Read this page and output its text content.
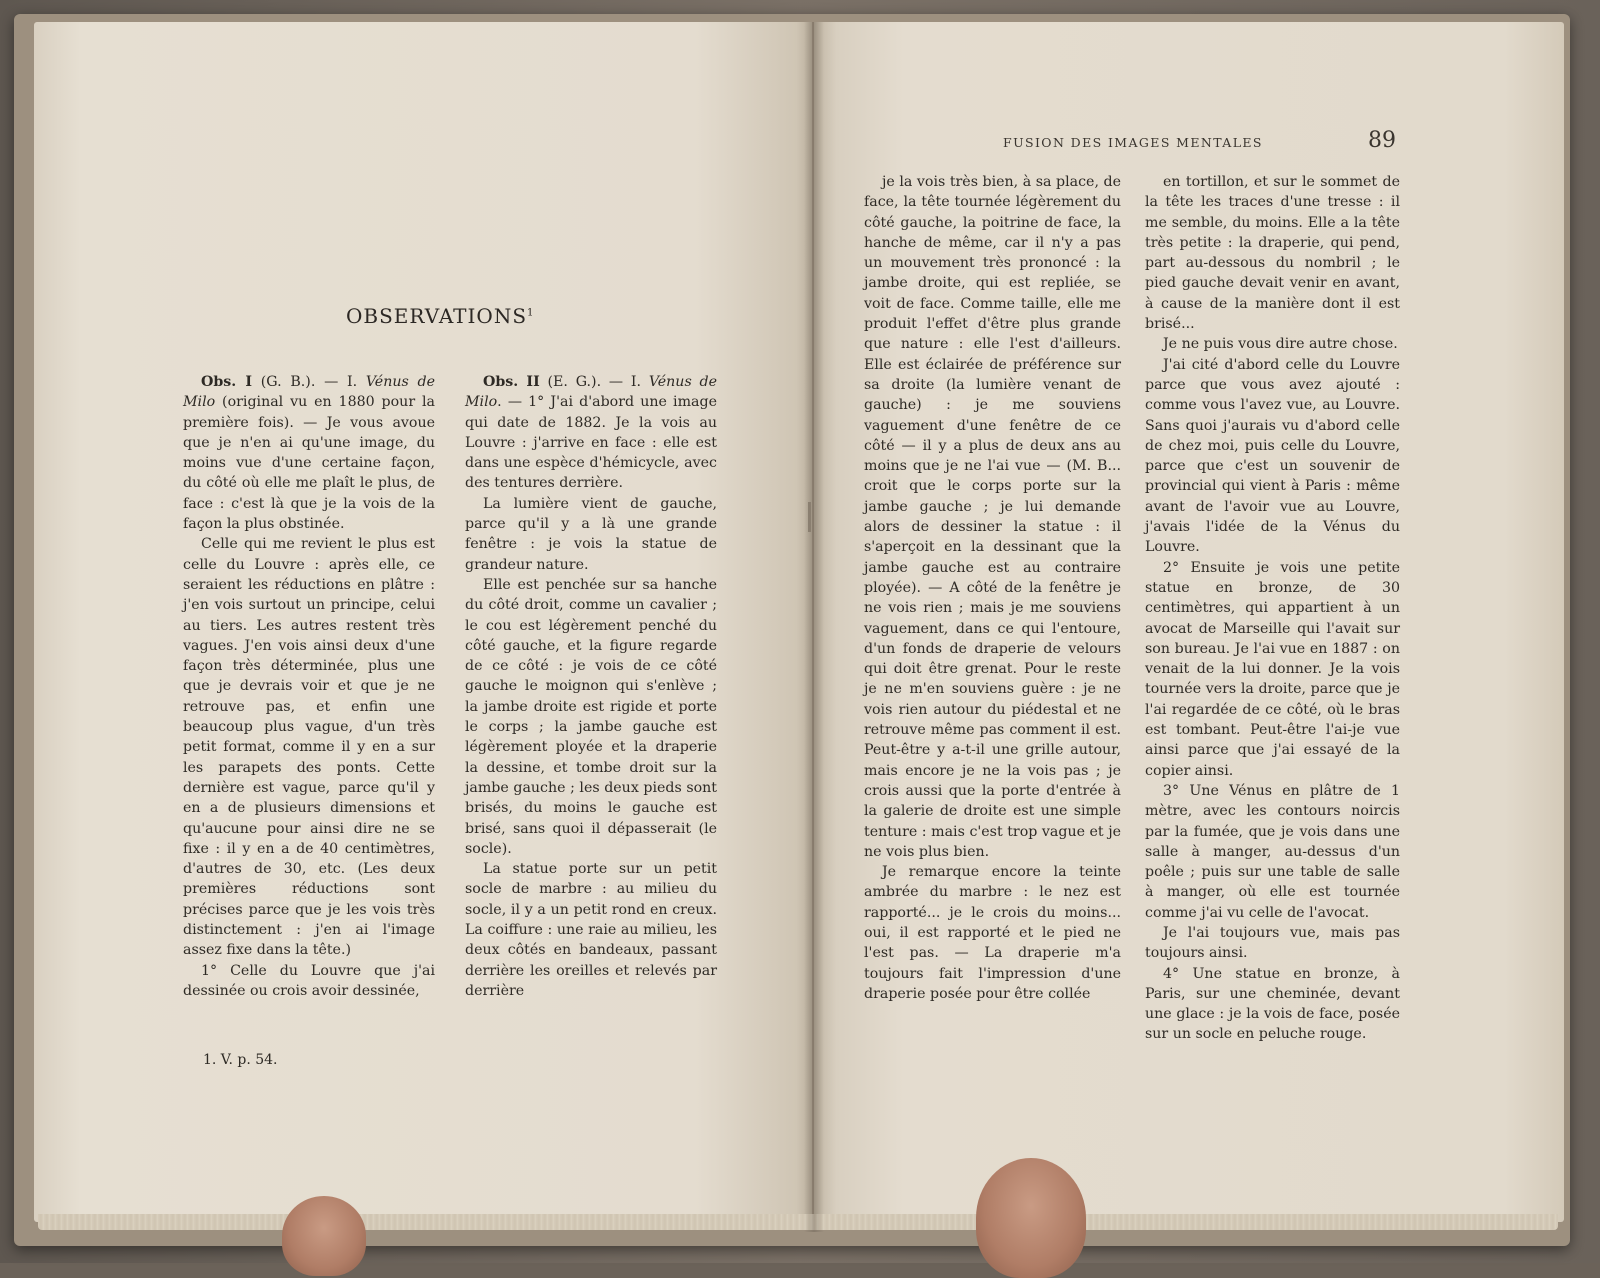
OBSERVATIONS$^1$

Obs. I (G. B.). — I. Vénus de Milo (original vu en 1880 pour la première fois). — Je vous avoue que je n'en ai qu'une image, du moins vue d'une certaine façon, du côté où elle me plaît le plus, de face : c'est là que je la vois de la façon la plus obstinée.

Celle qui me revient le plus est celle du Louvre : après elle, ce seraient les réductions en plâtre : j'en vois surtout un principe, celui au tiers. Les autres restent très vagues. J'en vois ainsi deux d'une façon très déterminée, plus une que je devrais voir et que je ne retrouve pas, et enfin une beaucoup plus vague, d'un très petit format, comme il y en a sur les parapets des ponts. Cette dernière est vague, parce qu'il y en a de plusieurs dimensions et qu'aucune pour ainsi dire ne se fixe : il y en a de 40 centimètres, d'autres de 30, etc. (Les deux premières réductions sont précises parce que je les vois très distinctement : j'en ai l'image assez fixe dans la tête.)

1° Celle du Louvre que j'ai dessinée ou crois avoir dessinée,

Obs. II (E. G.). — I. Vénus de Milo. — 1° J'ai d'abord une image qui date de 1882. Je la vois au Louvre : j'arrive en face : elle est dans une espèce d'hémicycle, avec des tentures derrière.

La lumière vient de gauche, parce qu'il y a là une grande fenêtre : je vois la statue de grandeur nature.

Elle est penchée sur sa hanche du côté droit, comme un cavalier ; le cou est légèrement penché du côté gauche, et la figure regarde de ce côté : je vois de ce côté gauche le moignon qui s'enlève ; la jambe droite est rigide et porte le corps ; la jambe gauche est légèrement ployée et la draperie la dessine, et tombe droit sur la jambe gauche ; les deux pieds sont brisés, du moins le gauche est brisé, sans quoi il dépasserait (le socle).

La statue porte sur un petit socle de marbre : au milieu du socle, il y a un petit rond en creux. La coiffure : une raie au milieu, les deux côtés en bandeaux, passant derrière les oreilles et relevés par derrière

1. V. p. 54.
FUSION DES IMAGES MENTALES	89

je la vois très bien, à sa place, de face, la tête tournée légèrement du côté gauche, la poitrine de face, la hanche de même, car il n'y a pas un mouvement très prononcé : la jambe droite, qui est repliée, se voit de face. Comme taille, elle me produit l'effet d'être plus grande que nature : elle l'est d'ailleurs. Elle est éclairée de préférence sur sa droite (la lumière venant de gauche) : je me souviens vaguement d'une fenêtre de ce côté — il y a plus de deux ans au moins que je ne l'ai vue — (M. B... croit que le corps porte sur la jambe gauche ; je lui demande alors de dessiner la statue : il s'aperçoit en la dessinant que la jambe gauche est au contraire ployée). — A côté de la fenêtre je ne vois rien ; mais je me souviens vaguement, dans ce qui l'entoure, d'un fonds de draperie de velours qui doit être grenat. Pour le reste je ne m'en souviens guère : je ne vois rien autour du piédestal et ne retrouve même pas comment il est. Peut-être y a-t-il une grille autour, mais encore je ne la vois pas ; je crois aussi que la porte d'entrée à la galerie de droite est une simple tenture : mais c'est trop vague et je ne vois plus bien.

Je remarque encore la teinte ambrée du marbre : le nez est rapporté... je le crois du moins... oui, il est rapporté et le pied ne l'est pas. — La draperie m'a toujours fait l'impression d'une draperie posée pour être collée

en tortillon, et sur le sommet de la tête les traces d'une tresse : il me semble, du moins. Elle a la tête très petite : la draperie, qui pend, part au-dessous du nombril ; le pied gauche devait venir en avant, à cause de la manière dont il est brisé...

Je ne puis vous dire autre chose.

J'ai cité d'abord celle du Louvre parce que vous avez ajouté : comme vous l'avez vue, au Louvre. Sans quoi j'aurais vu d'abord celle de chez moi, puis celle du Louvre, parce que c'est un souvenir de provincial qui vient à Paris : même avant de l'avoir vue au Louvre, j'avais l'idée de la Vénus du Louvre.

2° Ensuite je vois une petite statue en bronze, de 30 centimètres, qui appartient à un avocat de Marseille qui l'avait sur son bureau. Je l'ai vue en 1887 : on venait de la lui donner. Je la vois tournée vers la droite, parce que je l'ai regardée de ce côté, où le bras est tombant. Peut-être l'ai-je vue ainsi parce que j'ai essayé de la copier ainsi.

3° Une Vénus en plâtre de 1 mètre, avec les contours noircis par la fumée, que je vois dans une salle à manger, au-dessus d'un poêle ; puis sur une table de salle à manger, où elle est tournée comme j'ai vu celle de l'avocat.

Je l'ai toujours vue, mais pas toujours ainsi.

4° Une statue en bronze, à Paris, sur une cheminée, devant une glace : je la vois de face, posée sur un socle en peluche rouge.
